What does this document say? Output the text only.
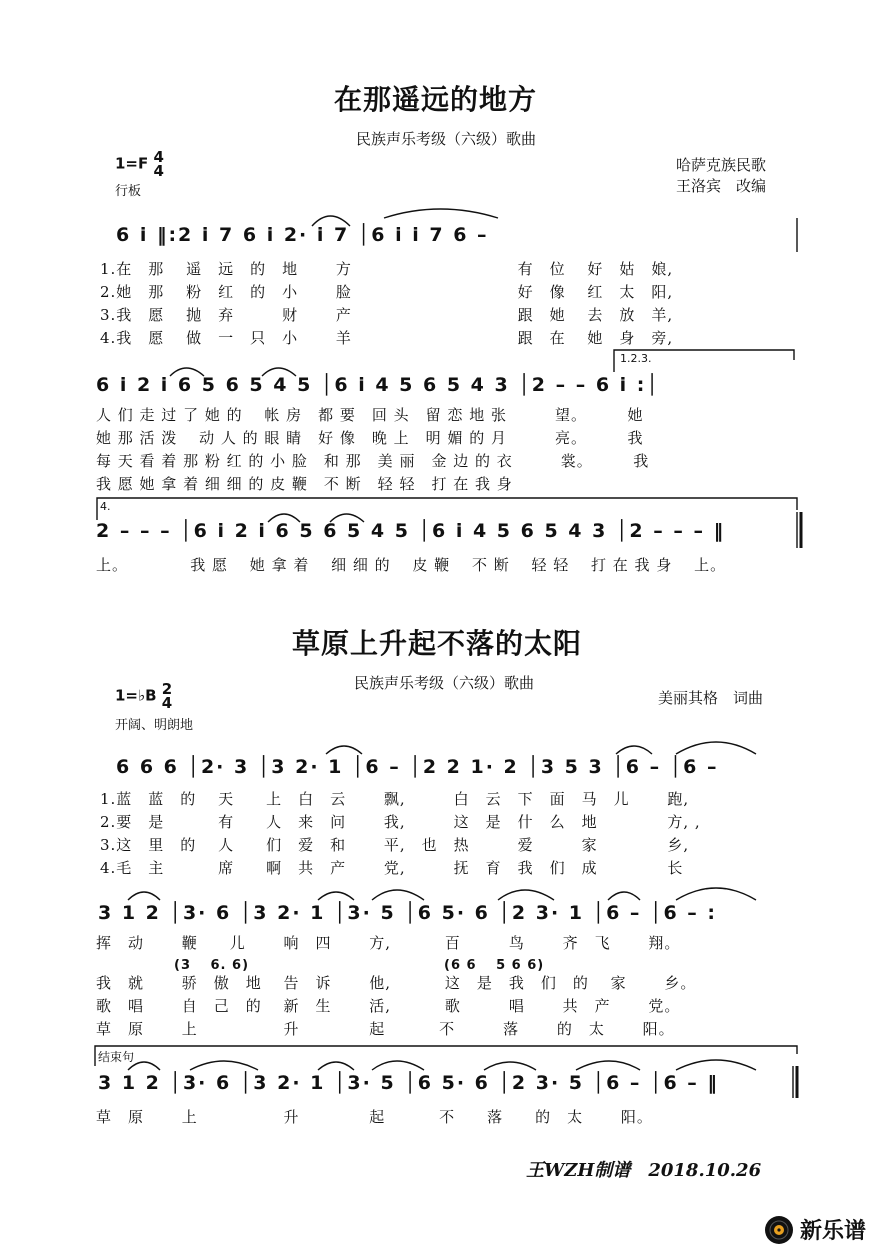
在那遥远的地方
民族声乐考级（六级）歌曲
1=F 4
4
行板
哈萨克族民歌
王洛宾　改编
6 i ‖:2 i 7 6 i 2· i 7 │6 i i 7 6 –
1.在　那　 遥　远　的　地　　 方　　　　　　　　　　 有　位　 好　姑　娘,
2.她　那　 粉　红　的　小　　 脸　　　　　　　　　　 好　像　 红　太　阳,
3.我　愿　 抛　弃　　　财　　 产　　　　　　　　　　 跟　她　 去　放　羊,
4.我　愿　 做　一　只　小　　 羊　　　　　　　　　　 跟　在　 她　身　旁,
1.2.3.
6 i 2 i 6 5 6 5 4 5 │6 i 4 5 6 5 4 3 │2 – – 6 i :│
人 们 走 过 了 她 的　 帐 房　都 要　回 头　留 恋 地 张　　　望。　　　她
她 那 活 泼　 动 人 的 眼 睛　好 像　晚 上　明 媚 的 月　　　亮。　　　我
每 天 看 着 那 粉 红 的 小 脸　和 那　美 丽　金 边 的 衣　　　裳。　　　我
我 愿 她 拿 着 细 细 的 皮 鞭　不 断　轻 轻　打 在 我 身
4.
2 – – – │6 i 2 i 6 5 6 5 4 5 │6 i 4 5 6 5 4 3 │2 – – – ‖
上。　　　　 我 愿　 她 拿 着　 细 细 的　 皮 鞭　 不 断　 轻 轻　 打 在 我 身　 上。
草原上升起不落的太阳
民族声乐考级（六级）歌曲
1=♭B 2
4
开阔、明朗地
美丽其格　词曲
6 6 6 │2· 3 │3 2· 1 │6 – │2 2 1· 2 │3 5 3 │6 – │6 –
1.蓝　蓝　的　 天　　上　白　云　　 飘,　　　白　云　下　面　马　儿　　 跑,
2.要　是　　　 有　　人　来　问　　 我,　　　这　是　什　么　地　　　　 方, ,
3.这　里　的　 人　　们　爱　和　　 平,　也　热　　　爱　　　家　　　　 乡,
4.毛　主　　　 席　　啊　共　产　　 党,　　　抚　育　我　们　成　　　　 长
3 1 2 │3· 6 │3 2· 1 │3· 5 │6 5· 6 │2 3· 1 │6 – │6 – :
挥　动　　 鞭　　儿　　 响　四　　 方,　　　 百　　　鸟　　 齐　飞　　 翔。
(3　 6. 6)	(6 6　 5 6 6)
我　就　　 骄　傲　地　 告　诉　　 他,　　　 这　是　我　们　的　 家　　 乡。
歌　唱　　 自　己　的　 新　生　　 活,　　　 歌　　　唱　　 共　产　　 党。
草　原　　 上　　　　　 升　　　　 起　　　 不　　　落　　 的　太　　 阳。
结束句
3 1 2 │3· 6 │3 2· 1 │3· 5 │6 5· 6 │2 3· 5 │6 – │6 – ‖
草　原　　 上　　　　　 升　　　　 起　　　 不　　落　　的　太　　 阳。
王WZH制谱　2018.10.26
新乐谱
